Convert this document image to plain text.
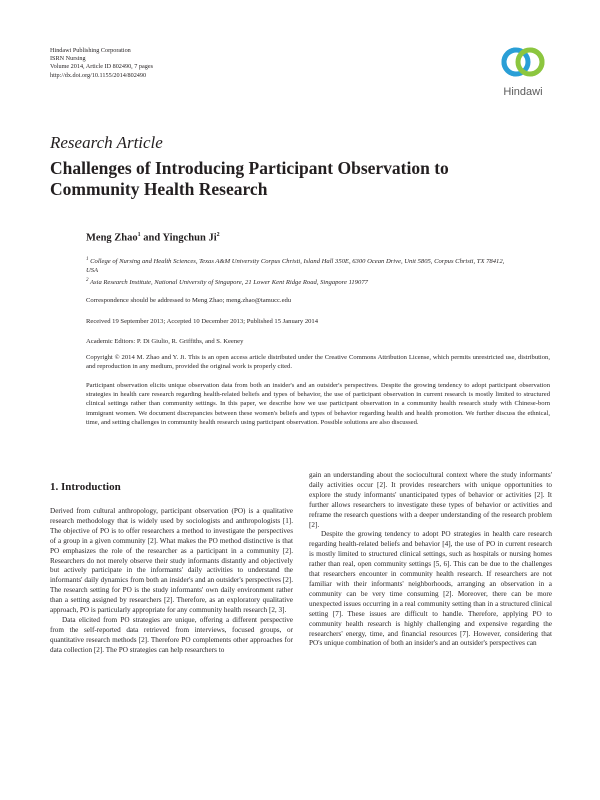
Hindawi Publishing Corporation
ISRN Nursing
Volume 2014, Article ID 802490, 7 pages
http://dx.doi.org/10.1155/2014/802490
Hindawi
Research Article
Challenges of Introducing Participant Observation to Community Health Research
Meng Zhao$^1$ and Yingchun Ji$^2$
$^1$ College of Nursing and Health Sciences, Texas A&M University Corpus Christi, Island Hall 350E, 6300 Ocean Drive, Unit 5805, Corpus Christi, TX 78412, USA
$^2$ Asia Research Institute, National University of Singapore, 21 Lower Kent Ridge Road, Singapore 119077
Correspondence should be addressed to Meng Zhao; meng.zhao@tamucc.edu
Received 19 September 2013; Accepted 10 December 2013; Published 15 January 2014
Academic Editors: P. Di Giulio, R. Griffiths, and S. Keeney
Copyright © 2014 M. Zhao and Y. Ji. This is an open access article distributed under the Creative Commons Attribution License, which permits unrestricted use, distribution, and reproduction in any medium, provided the original work is properly cited.

Participant observation elicits unique observation data from both an insider's and an outsider's perspectives. Despite the growing tendency to adopt participant observation strategies in health care research regarding health-related beliefs and types of behavior, the use of participant observation in current research is mostly limited to structured clinical settings rather than community settings. In this paper, we describe how we use participant observation in a community health research study with Chinese-born immigrant women. We document discrepancies between these women's beliefs and types of behavior regarding health and health promotion. We further discuss the ethnical, time, and setting challenges in community health research using participant observation. Possible solutions are also discussed.

1. Introduction

Derived from cultural anthropology, participant observation (PO) is a qualitative research methodology that is widely used by sociologists and anthropologists [1]. The objective of PO is to offer researchers a method to investigate the perspectives of a group in a given community [2]. What makes the PO method distinctive is that PO emphasizes the role of the researcher as a participant in a community [2]. Researchers do not merely observe their study informants distantly and objectively but actively participate in the informants' daily activities to understand the informants' daily dynamics from both an insider's and an outsider's perspectives [2]. The research setting for PO is the study informants' own daily environment rather than a setting assigned by researchers [2]. Therefore, as an exploratory qualitative approach, PO is particularly appropriate for any community health research [2, 3].

Data elicited from PO strategies are unique, offering a different perspective from the self-reported data retrieved from interviews, focused groups, or quantitative research methods [2]. Therefore PO complements other approaches for data collection [2]. The PO strategies can help researchers to

gain an understanding about the sociocultural context where the study informants' daily activities occur [2]. It provides researchers with unique opportunities to explore the study informants' unanticipated types of behavior or activities [2]. It further allows researchers to investigate these types of behavior or activities and reframe the research questions with a deeper understanding of the research problem [2].

Despite the growing tendency to adopt PO strategies in health care research regarding health-related beliefs and behavior [4], the use of PO in current research is mostly limited to structured clinical settings, such as hospitals or nursing homes rather than real, open community settings [5, 6]. This can be due to the challenges that researchers encounter in community health research. If researchers are not familiar with their informants' neighborhoods, arranging an observation in a community can be very time consuming [2]. Moreover, there can be more unexpected issues occurring in a real community setting than in a structured clinical setting [7]. These issues are difficult to handle. Therefore, applying PO to community health research is highly challenging and expensive regarding the researchers' energy, time, and financial resources [7]. However, considering that PO's unique combination of both an insider's and an outsider's perspectives can
